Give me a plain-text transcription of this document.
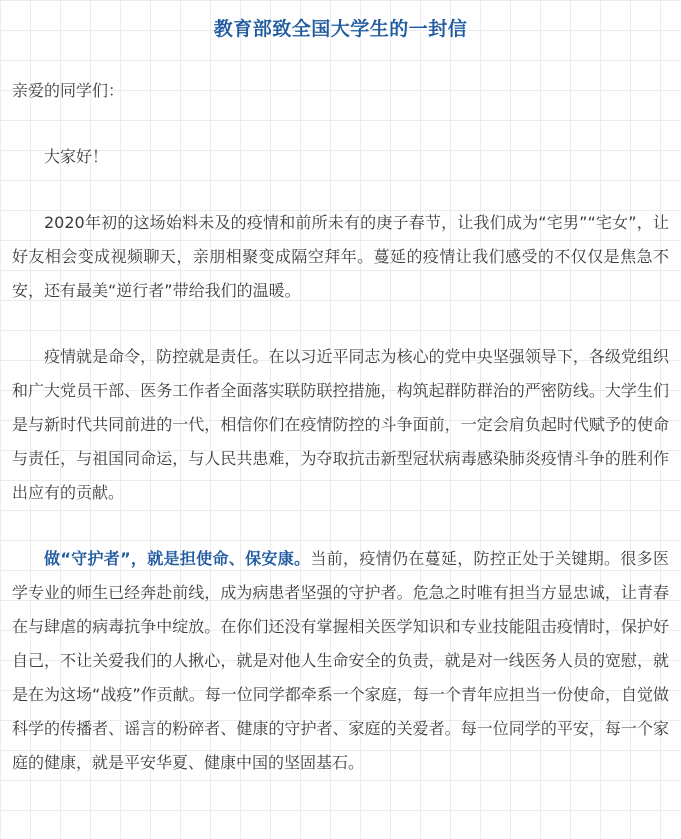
教育部致全国大学生的一封信

亲爱的同学们：

大家好！

2020年初的这场始料未及的疫情和前所未有的庚子春节，让我们成为“宅男”“宅女”，让好友相会变成视频聊天，亲朋相聚变成隔空拜年。蔓延的疫情让我们感受的不仅仅是焦急不安，还有最美“逆行者”带给我们的温暖。

疫情就是命令，防控就是责任。在以习近平同志为核心的党中央坚强领导下，各级党组织和广大党员干部、医务工作者全面落实联防联控措施，构筑起群防群治的严密防线。大学生们是与新时代共同前进的一代，相信你们在疫情防控的斗争面前，一定会肩负起时代赋予的使命与责任，与祖国同命运，与人民共患难，为夺取抗击新型冠状病毒感染肺炎疫情斗争的胜利作出应有的贡献。

做“守护者”，就是担使命、保安康。当前，疫情仍在蔓延，防控正处于关键期。很多医学专业的师生已经奔赴前线，成为病患者坚强的守护者。危急之时唯有担当方显忠诚，让青春在与肆虐的病毒抗争中绽放。在你们还没有掌握相关医学知识和专业技能阻击疫情时，保护好自己，不让关爱我们的人揪心，就是对他人生命安全的负责，就是对一线医务人员的宽慰，就是在为这场“战疫”作贡献。每一位同学都牵系一个家庭，每一个青年应担当一份使命，自觉做科学的传播者、谣言的粉碎者、健康的守护者、家庭的关爱者。每一位同学的平安，每一个家庭的健康，就是平安华夏、健康中国的坚固基石。
